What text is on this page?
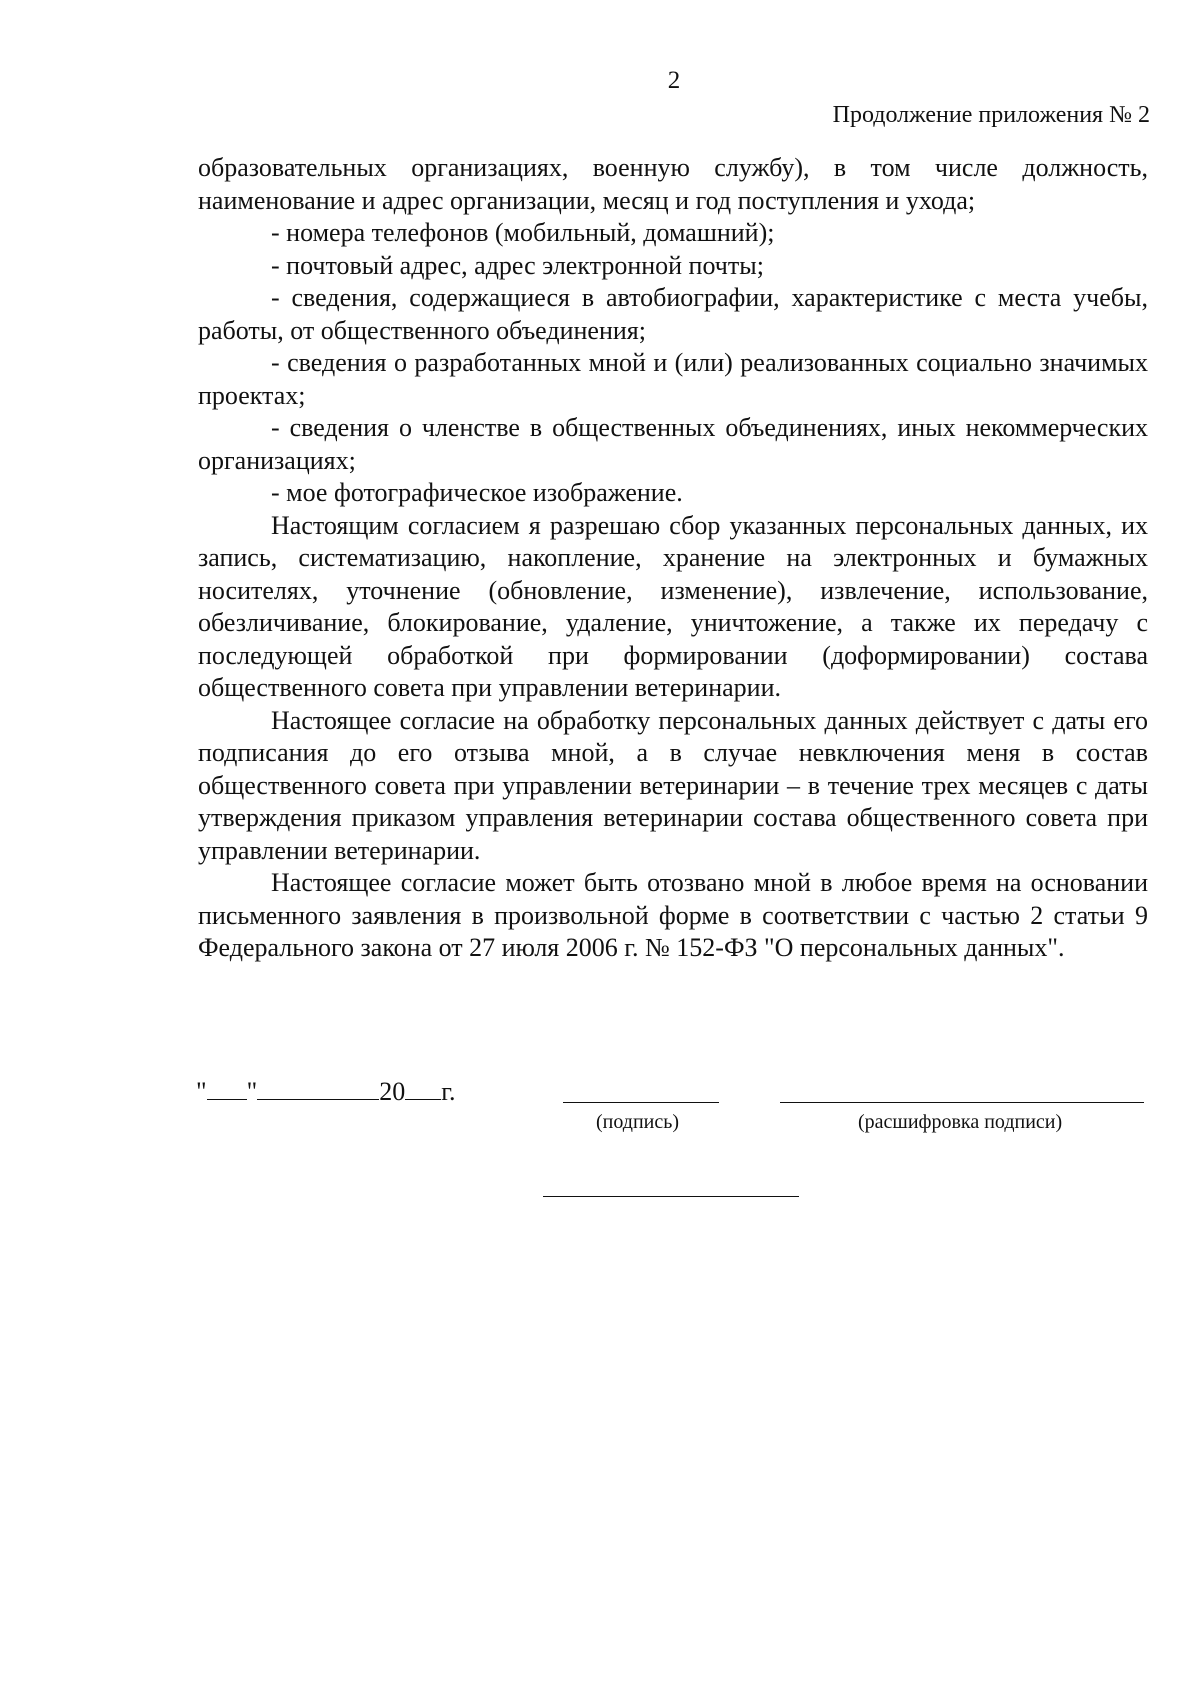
2
Продолжение приложения № 2

образовательных организациях, военную службу), в том числе должность, наименование и адрес организации, месяц и год поступления и ухода;

- номера телефонов (мобильный, домашний);

- почтовый адрес, адрес электронной почты;

- сведения, содержащиеся в автобиографии, характеристике с места учебы, работы, от общественного объединения;

- сведения о разработанных мной и (или) реализованных социально значимых проектах;

- сведения о членстве в общественных объединениях, иных некоммерческих организациях;

- мое фотографическое изображение.

Настоящим согласием я разрешаю сбор указанных персональных данных, их запись, систематизацию, накопление, хранение на электронных и бумажных носителях, уточнение (обновление, изменение), извлечение, использование, обезличивание, блокирование, удаление, уничтожение, а также их передачу с последующей обработкой при формировании (доформировании) состава общественного совета при управлении ветеринарии.

Настоящее согласие на обработку персональных данных действует с даты его подписания до его отзыва мной, а в случае невключения меня в состав общественного совета при управлении ветеринарии – в течение трех месяцев с даты утверждения приказом управления ветеринарии состава общественного совета при управлении ветеринарии.

Настоящее согласие может быть отозвано мной в любое время на основании письменного заявления в произвольной форме в соответствии с частью 2 статьи 9 Федерального закона от 27 июля 2006 г. № 152-ФЗ "О персональных данных".

" "	20 г.
(подпись)	(расшифровка подписи)
